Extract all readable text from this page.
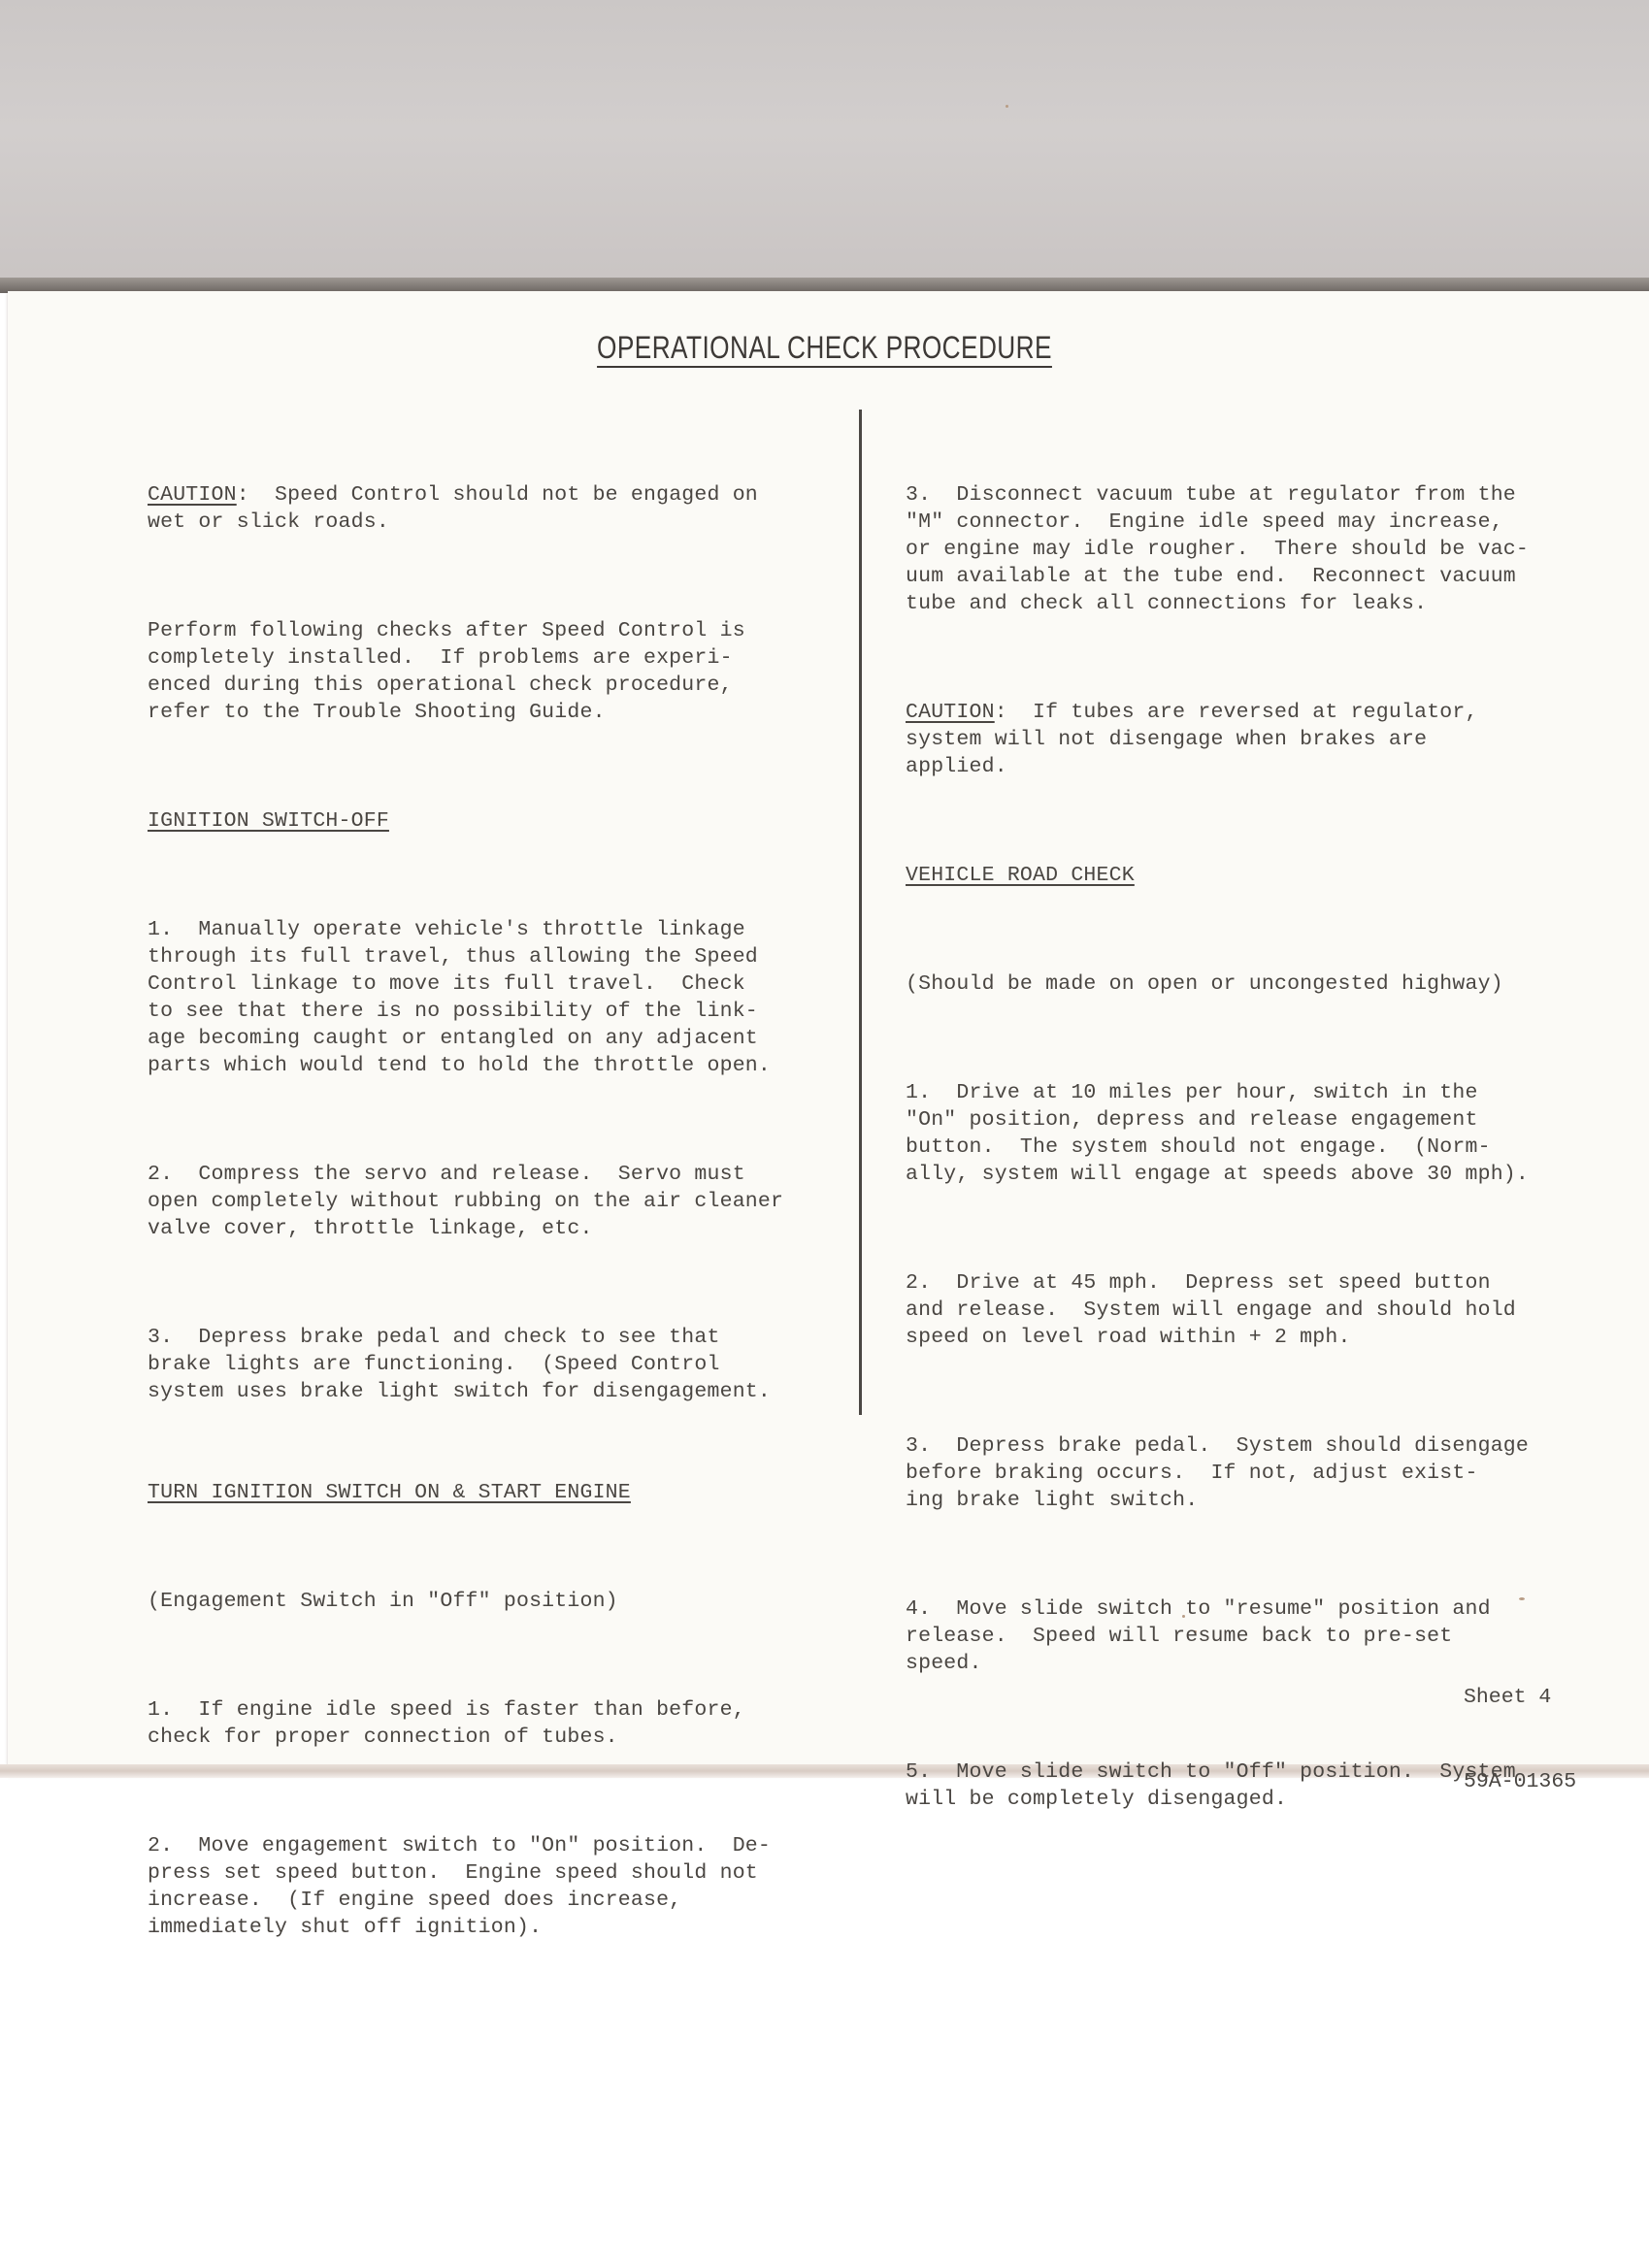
OPERATIONAL CHECK PROCEDURE

CAUTION:  Speed Control should not be engaged on
wet or slick roads.

Perform following checks after Speed Control is
completely installed.  If problems are experi-
enced during this operational check procedure,
refer to the Trouble Shooting Guide.

IGNITION SWITCH-OFF

1.  Manually operate vehicle's throttle linkage
through its full travel, thus allowing the Speed
Control linkage to move its full travel.  Check
to see that there is no possibility of the link-
age becoming caught or entangled on any adjacent
parts which would tend to hold the throttle open.

2.  Compress the servo and release.  Servo must
open completely without rubbing on the air cleaner
valve cover, throttle linkage, etc.

3.  Depress brake pedal and check to see that
brake lights are functioning.  (Speed Control
system uses brake light switch for disengagement.

TURN IGNITION SWITCH ON & START ENGINE

(Engagement Switch in "Off" position)

1.  If engine idle speed is faster than before,
check for proper connection of tubes.

2.  Move engagement switch to "On" position.  De-
press set speed button.  Engine speed should not
increase.  (If engine speed does increase,
immediately shut off ignition).

3.  Disconnect vacuum tube at regulator from the
"M" connector.  Engine idle speed may increase,
or engine may idle rougher.  There should be vac-
uum available at the tube end.  Reconnect vacuum
tube and check all connections for leaks.

CAUTION:  If tubes are reversed at regulator,
system will not disengage when brakes are
applied.

VEHICLE ROAD CHECK

(Should be made on open or uncongested highway)

1.  Drive at 10 miles per hour, switch in the
"On" position, depress and release engagement
button.  The system should not engage.  (Norm-
ally, system will engage at speeds above 30 mph).

2.  Drive at 45 mph.  Depress set speed button
and release.  System will engage and should hold
speed on level road within + 2 mph.

3.  Depress brake pedal.  System should disengage
before braking occurs.  If not, adjust exist-
ing brake light switch.

4.  Move slide switch to "resume" position and
release.  Speed will resume back to pre-set
speed.

5.  Move slide switch to "Off" position.  System
will be completely disengaged.

Sheet 4

59A-01365
